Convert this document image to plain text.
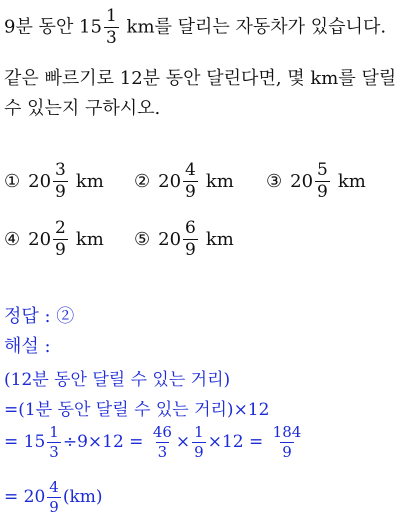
9분 동안 $15 \frac{1}{3}$ km를 달리는 자동차가 있습니다.
같은 빠르기로 12분 동안 달린다면, 몇 km를 달릴
수 있는지 구하시오.
① $20 \frac{3}{9}$ km ② $20 \frac{4}{9}$ km ③ $20 \frac{5}{9}$ km
④ $20 \frac{2}{9}$ km ⑤ $20 \frac{6}{9}$ km
정답 : ②
해설 :
(12분 동안 달릴 수 있는 거리)
=(1분 동안 달릴 수 있는 거리)×12
= $15 \frac{1}{3} \div 9\times 12 = \frac{46}{3} \times \frac{1}{9} \times 12 = \frac{184}{9}$
= $20 \frac{4}{9} (km)$
